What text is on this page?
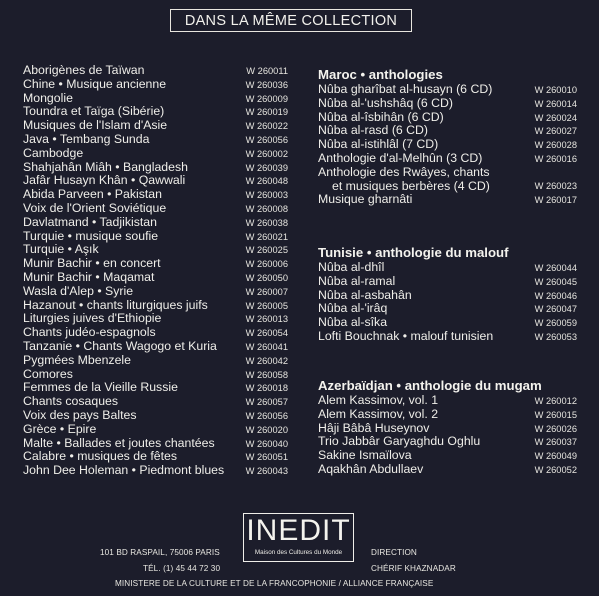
DANS LA MÊME COLLECTION
Aborigènes de Taïwan	W 260011
Chine • Musique ancienne	W 260036
Mongolie	W 260009
Toundra et Taïga (Sibérie)	W 260019
Musiques de l'Islam d'Asie	W 260022
Java • Tembang Sunda	W 260056
Cambodge	W 260002
Shahjahân Miâh • Bangladesh	W 260039
Jafâr Husayn Khân • Qawwali	W 260048
Abida Parveen • Pakistan	W 260003
Voix de l'Orient Soviétique	W 260008
Davlatmand • Tadjikistan	W 260038
Turquie • musique soufie	W 260021
Turquie • Aşık	W 260025
Munir Bachir • en concert	W 260006
Munir Bachir • Maqamat	W 260050
Wasla d'Alep • Syrie	W 260007
Hazanout • chants liturgiques juifs	W 260005
Liturgies juives d'Ethiopie	W 260013
Chants judéo-espagnols	W 260054
Tanzanie • Chants Wagogo et Kuria	W 260041
Pygmées Mbenzele	W 260042
Comores	W 260058
Femmes de la Vieille Russie	W 260018
Chants cosaques	W 260057
Voix des pays Baltes	W 260056
Grèce • Epire	W 260020
Malte • Ballades et joutes chantées	W 260040
Calabre • musiques de fêtes	W 260051
John Dee Holeman • Piedmont blues W 260043
Maroc • anthologies
Nûba gharîbat al-husayn (6 CD)	W 260010
Nûba al-'ushshâq (6 CD)	W 260014
Nûba al-îsbihân (6 CD)	W 260024
Nûba al-rasd (6 CD)	W 260027
Nûba al-istihlâl (7 CD)	W 260028
Anthologie d'al-Melhûn (3 CD)	W 260016
Anthologie des Rwâyes, chants
et musiques berbères (4 CD)	W 260023
Musique gharnâti	W 260017
Tunisie • anthologie du malouf
Nûba al-dhîl	W 260044
Nûba al-ramal	W 260045
Nûba al-asbahân	W 260046
Nûba al-'irâq	W 260047
Nûba al-sîka	W 260059
Lofti Bouchnak • malouf tunisien	W 260053
Azerbaïdjan • anthologie du mugam
Alem Kassimov, vol. 1	W 260012
Alem Kassimov, vol. 2	W 260015
Hâji Bâbâ Huseynov	W 260026
Trio Jabbâr Garyaghdu Oghlu	W 260037
Sakine Ismaïlova	W 260049
Aqakhân Abdullaev	W 260052
INEDIT
Maison des Cultures du Monde
101 BD RASPAIL, 75006 PARIS
TÉL. (1) 45 44 72 30
DIRECTION
CHÉRIF KHAZNADAR
MINISTERE DE LA CULTURE ET DE LA FRANCOPHONIE / ALLIANCE FRANÇAISE
